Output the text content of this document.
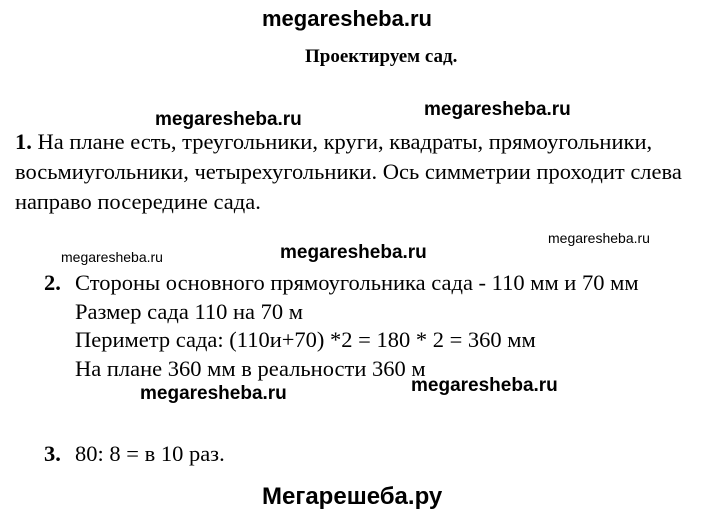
megaresheba.ru
Проектируем сад.
megaresheba.ru	megaresheba.ru
1. На плане есть, треугольники, круги, квадраты, прямоугольники,
восьмиугольники, четырехугольники. Ось симметрии проходит слева
направо посередине сада.
megaresheba.ru
megaresheba.ru	megaresheba.ru
2. Стороны основного прямоугольника сада - 110 мм и 70 мм
Размер сада 110 на 70 м
Периметр сада: (110и+70) *2 = 180 * 2 = 360 мм
На плане 360 мм в реальности 360 м
megaresheba.ru
megaresheba.ru
3. 80: 8 = в 10 раз.
Мегарешеба.ру
